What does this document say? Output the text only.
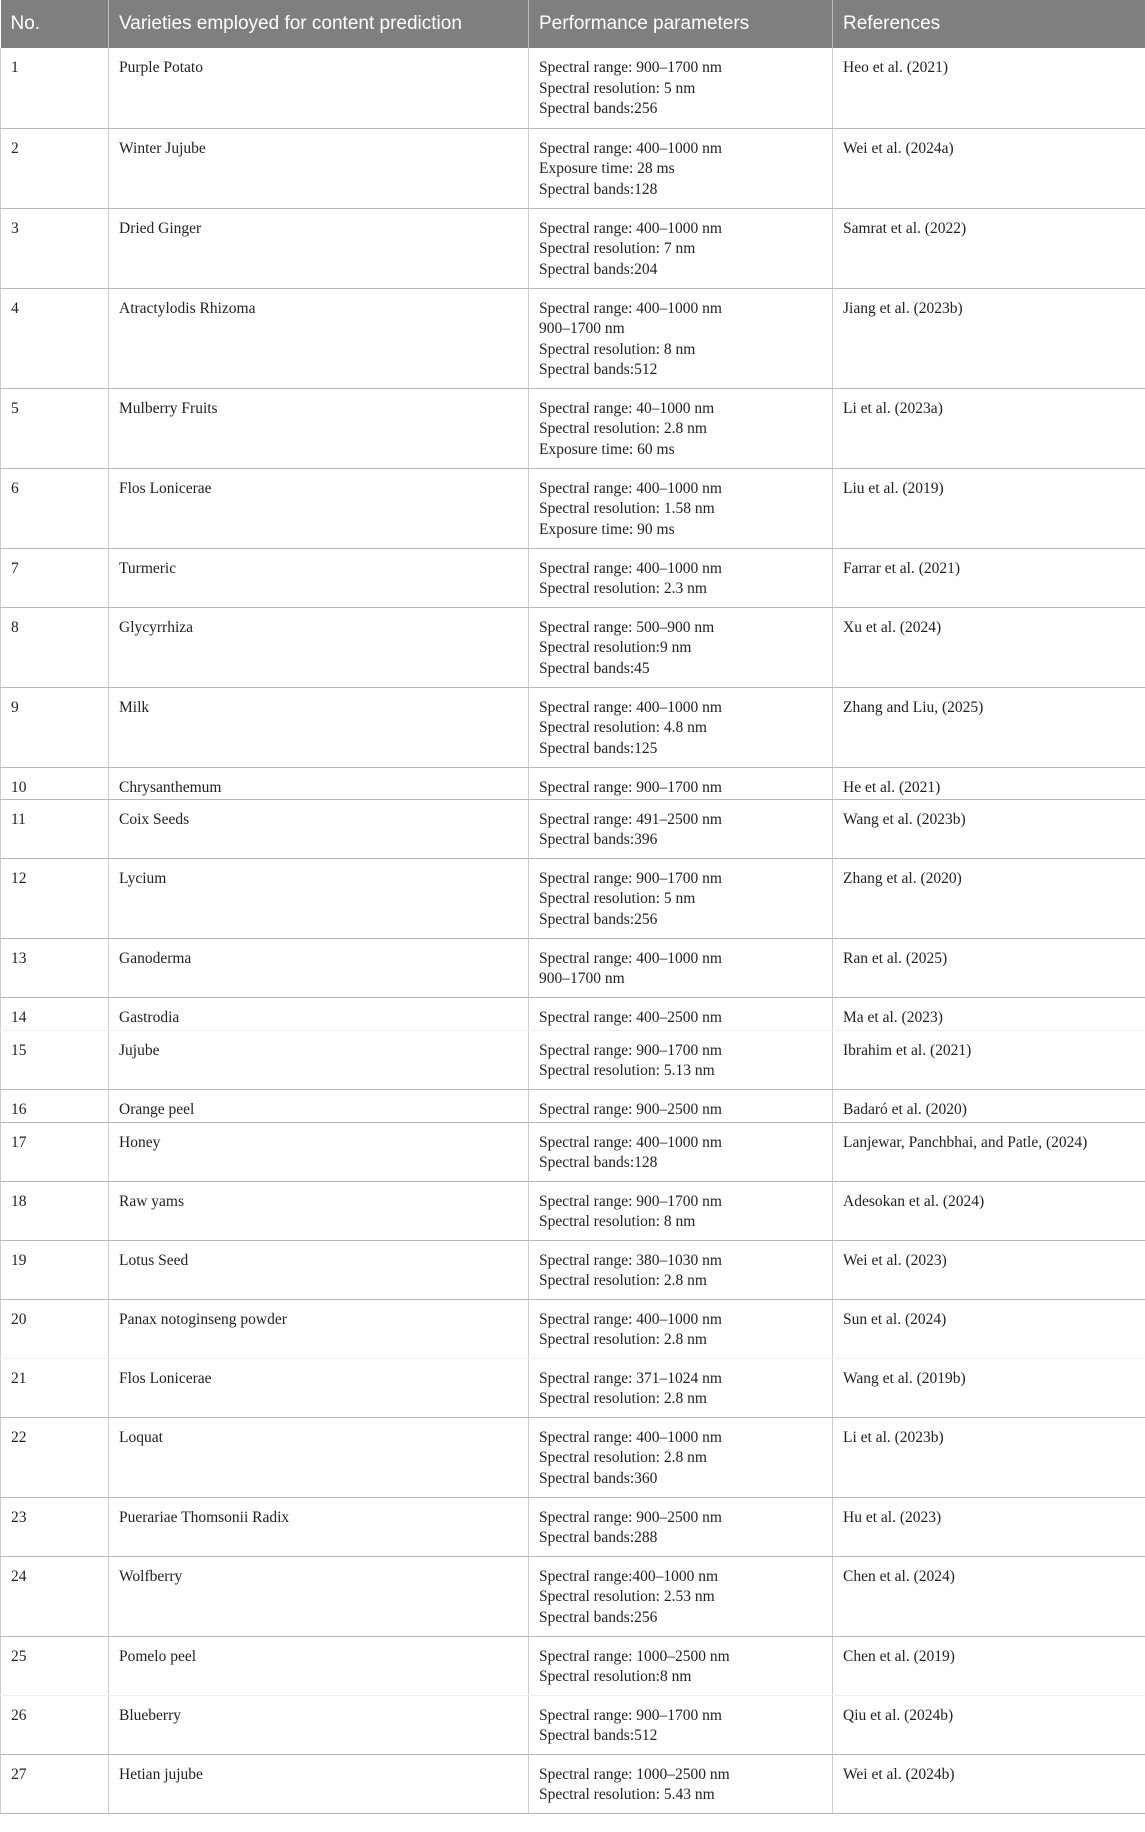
No.	Varieties employed for content prediction	Performance parameters	References
1	Purple Potato	Spectral range: 900–1700 nm
Spectral resolution: 5 nm
Spectral bands:256	Heo et al. (2021)
2	Winter Jujube	Spectral range: 400–1000 nm
Exposure time: 28 ms
Spectral bands:128	Wei et al. (2024a)
3	Dried Ginger	Spectral range: 400–1000 nm
Spectral resolution: 7 nm
Spectral bands:204	Samrat et al. (2022)
4	Atractylodis Rhizoma	Spectral range: 400–1000 nm
900–1700 nm
Spectral resolution: 8 nm
Spectral bands:512	Jiang et al. (2023b)
5	Mulberry Fruits	Spectral range: 40–1000 nm
Spectral resolution: 2.8 nm
Exposure time: 60 ms	Li et al. (2023a)
6	Flos Lonicerae	Spectral range: 400–1000 nm
Spectral resolution: 1.58 nm
Exposure time: 90 ms	Liu et al. (2019)
7	Turmeric	Spectral range: 400–1000 nm
Spectral resolution: 2.3 nm	Farrar et al. (2021)
8	Glycyrrhiza	Spectral range: 500–900 nm
Spectral resolution:9 nm
Spectral bands:45	Xu et al. (2024)
9	Milk	Spectral range: 400–1000 nm
Spectral resolution: 4.8 nm
Spectral bands:125	Zhang and Liu, (2025)
10	Chrysanthemum	Spectral range: 900–1700 nm	He et al. (2021)
11	Coix Seeds	Spectral range: 491–2500 nm
Spectral bands:396	Wang et al. (2023b)
12	Lycium	Spectral range: 900–1700 nm
Spectral resolution: 5 nm
Spectral bands:256	Zhang et al. (2020)
13	Ganoderma	Spectral range: 400–1000 nm
900–1700 nm	Ran et al. (2025)
14	Gastrodia	Spectral range: 400–2500 nm	Ma et al. (2023)
15	Jujube	Spectral range: 900–1700 nm
Spectral resolution: 5.13 nm	Ibrahim et al. (2021)
16	Orange peel	Spectral range: 900–2500 nm	Badaró et al. (2020)
17	Honey	Spectral range: 400–1000 nm
Spectral bands:128	Lanjewar, Panchbhai, and Patle, (2024)
18	Raw yams	Spectral range: 900–1700 nm
Spectral resolution: 8 nm	Adesokan et al. (2024)
19	Lotus Seed	Spectral range: 380–1030 nm
Spectral resolution: 2.8 nm	Wei et al. (2023)
20	Panax notoginseng powder	Spectral range: 400–1000 nm
Spectral resolution: 2.8 nm	Sun et al. (2024)
21	Flos Lonicerae	Spectral range: 371–1024 nm
Spectral resolution: 2.8 nm	Wang et al. (2019b)
22	Loquat	Spectral range: 400–1000 nm
Spectral resolution: 2.8 nm
Spectral bands:360	Li et al. (2023b)
23	Puerariae Thomsonii Radix	Spectral range: 900–2500 nm
Spectral bands:288	Hu et al. (2023)
24	Wolfberry	Spectral range:400–1000 nm
Spectral resolution: 2.53 nm
Spectral bands:256	Chen et al. (2024)
25	Pomelo peel	Spectral range: 1000–2500 nm
Spectral resolution:8 nm	Chen et al. (2019)
26	Blueberry	Spectral range: 900–1700 nm
Spectral bands:512	Qiu et al. (2024b)
27	Hetian jujube	Spectral range: 1000–2500 nm
Spectral resolution: 5.43 nm	Wei et al. (2024b)
